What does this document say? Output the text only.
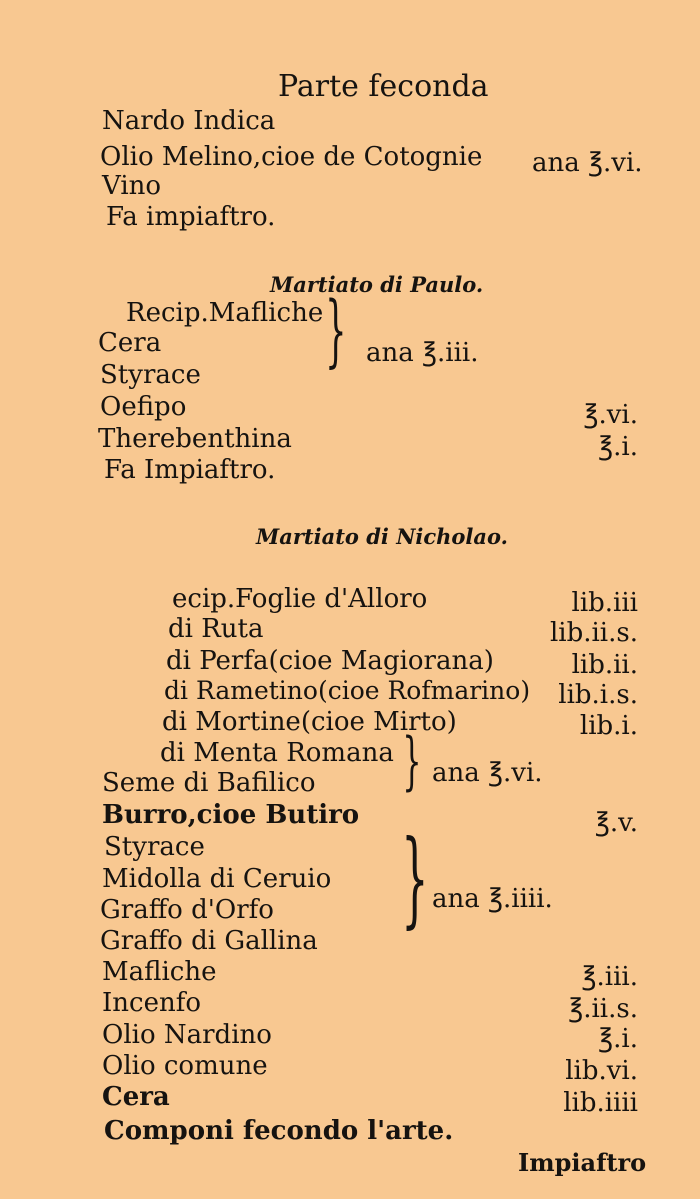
Parte feconda
Nardo Indica
Olio Melino,cioe de Cotognie ana ℥.vi.
Vino
Fa impiaftro.
Martiato di Paulo.
Recip.Mafliche
Cera	} ana ℥.iii.
Styrace
Oefipo	℥.vi.
Therebenthina	℥.i.
Fa Impiaftro.
Martiato di Nicholao.
ecip.Foglie d'Alloro	lib.iii
di Ruta	lib.ii.s.
di Perfa(cioe Magiorana)	lib.ii.
di Rametino(cioe Rofmarino)	lib.i.s.
di Mortine(cioe Mirto)	lib.i.
di Menta Romana } ana ℥.vi.
Seme di Bafilico
Burro,cioe Butiro	℥.v.
Styrace
Midolla di Ceruio } ana ℥.iiii.
Graffo d'Orfo
Graffo di Gallina
Mafliche	℥.iii.
Incenfo	℥.ii.s.
Olio Nardino	℥.i.
Olio comune	lib.vi.
Cera	lib.iiii
Componi fecondo l'arte.
Impiaftro
